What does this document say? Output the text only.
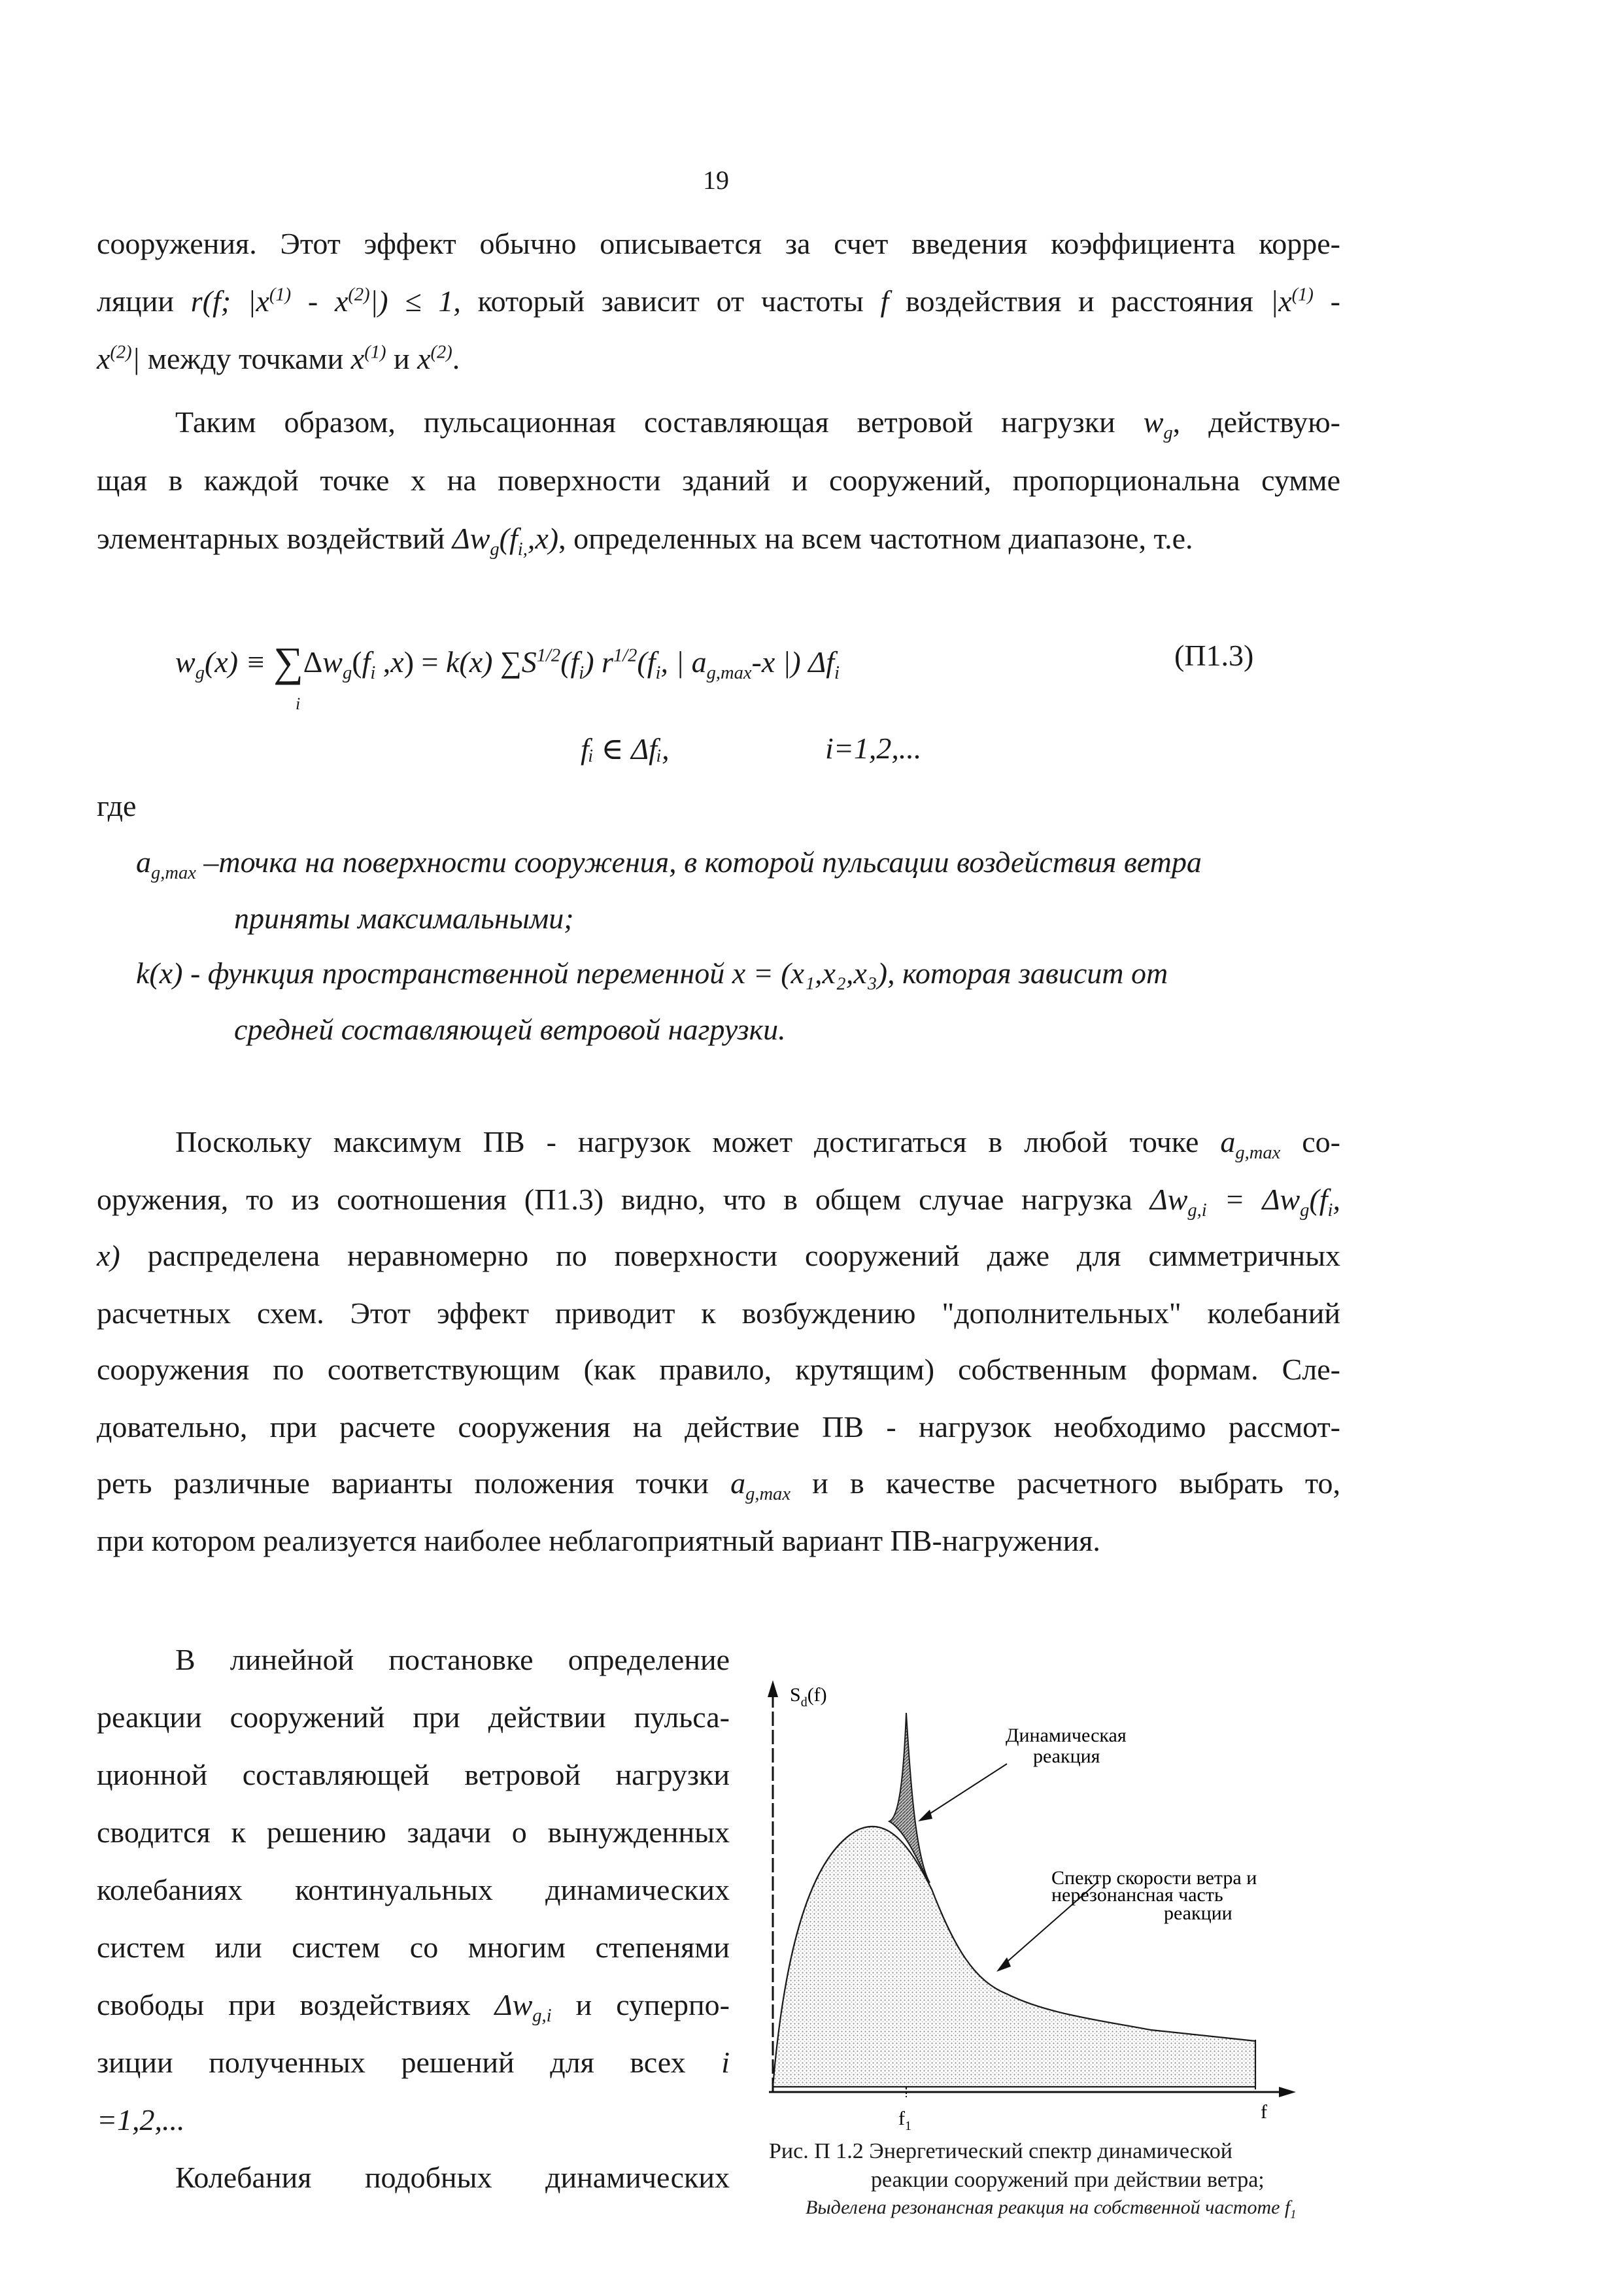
19
сооружения. Этот эффект обычно описывается за счет введения коэффициента корре-
ляции r(f; $|x^{(1)} - x^{(2)}|) \le 1$, который зависит от частоты f воздействия и расстояния $|x^{(1)}$ -
$x^{(2)}|$ между точками $x^{(1)}$ и $x^{(2)}$.
Таким образом, пульсационная составляющая ветровой нагрузки $w_g$, действую-
щая в каждой точке x на поверхности зданий и сооружений, пропорциональна сумме
элементарных воздействий $\Delta w_g(f_{i,},x)$, определенных на всем частотном диапазоне, т.е.
$w_g(x) \equiv \sum\Delta w_g(f_i$ ,x) = k(x) $\sum S^{1/2}(f_i)$ $r^{1/2}(f_i$, | $a_{g,max}-x$ |) $\Delta f_i$
i
(П1.3)
fᵢ ∈ Δfᵢ,	i=1,2,...
где
$a_{g,max}$ –точка на поверхности сооружения, в которой пульсации воздействия ветра
приняты максимальными;
k(x) - функция пространственной переменной x = (x₁,x₂,x₃), которая зависит от
средней составляющей ветровой нагрузки.
Поскольку максимум ПВ - нагрузок может достигаться в любой точке $a_{g,max}$ со-
оружения, то из соотношения (П1.3) видно, что в общем случае нагрузка $\Delta w_{g,i} = \Delta w_g(f_i$,
x) распределена неравномерно по поверхности сооружений даже для симметричных
расчетных схем. Этот эффект приводит к возбуждению "дополнительных" колебаний
сооружения по соответствующим (как правило, крутящим) собственным формам. Сле-
довательно, при расчете сооружения на действие ПВ - нагрузок необходимо рассмот-
реть различные варианты положения точки $a_{g,max}$ и в качестве расчетного выбрать то,
при котором реализуется наиболее неблагоприятный вариант ПВ-нагружения.
В линейной постановке определение
реакции сооружений при действии пульса-
ционной составляющей ветровой нагрузки
сводится к решению задачи о вынужденных
колебаниях континуальных динамических
систем или систем со многим степенями
свободы при воздействиях $\Delta w_{g,i}$ и суперпо-
зиции полученных решений для всех i
=1,2,...
Колебания подобных динамических
$S_d(f)$
Динамическая
реакция
Спектр скорости ветра и
нерезонансная часть
реакции
$f_1$
f
Рис. П 1.2 Энергетический спектр динамической
реакции сооружений при действии ветра;
Выделена резонансная реакция на собственной частоте $f_1$
